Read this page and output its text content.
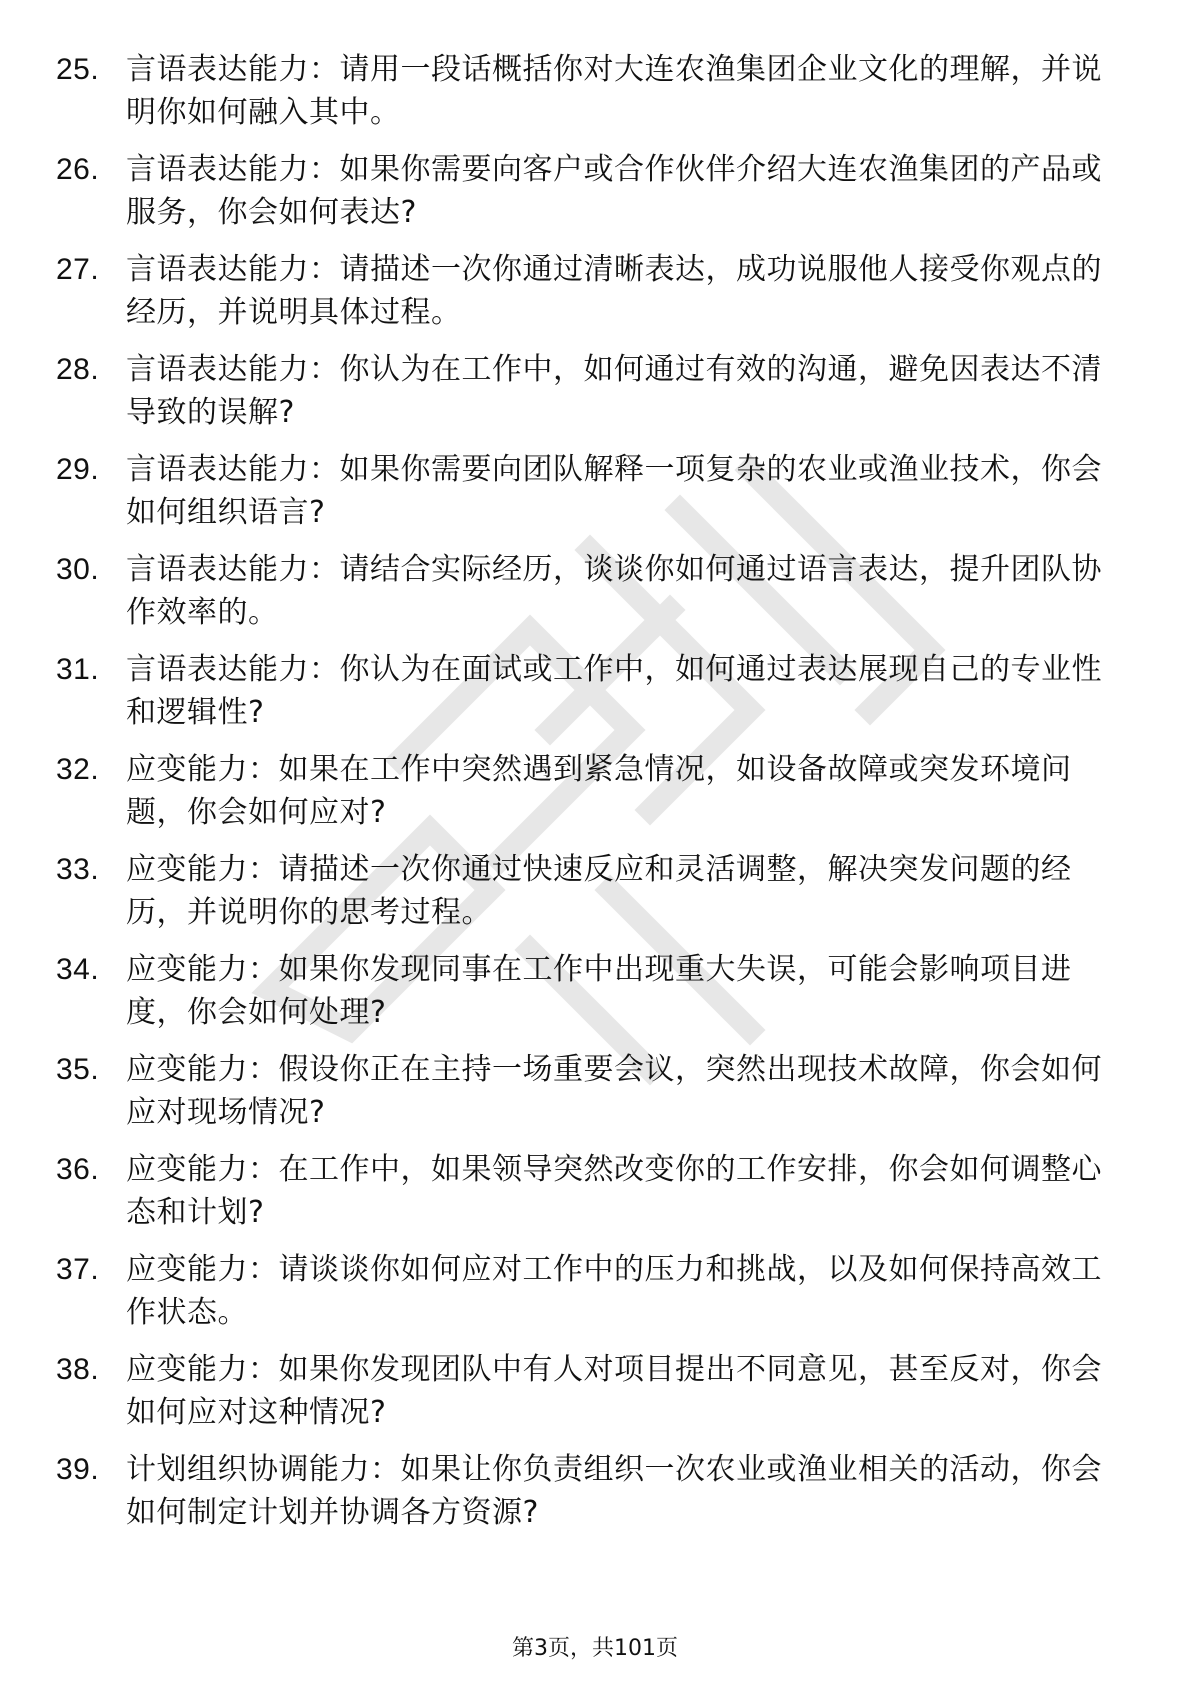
25. 言语表达能力：请用一段话概括你对大连农渔集团企业文化的理解，并说明你如何融入其中。
26. 言语表达能力：如果你需要向客户或合作伙伴介绍大连农渔集团的产品或服务，你会如何表达?
27. 言语表达能力：请描述一次你通过清晰表达，成功说服他人接受你观点的经历，并说明具体过程。
28. 言语表达能力：你认为在工作中，如何通过有效的沟通，避免因表达不清导致的误解?
29. 言语表达能力：如果你需要向团队解释一项复杂的农业或渔业技术，你会如何组织语言?
30. 言语表达能力：请结合实际经历，谈谈你如何通过语言表达，提升团队协作效率的。
31. 言语表达能力：你认为在面试或工作中，如何通过表达展现自己的专业性和逻辑性?
32. 应变能力：如果在工作中突然遇到紧急情况，如设备故障或突发环境问题，你会如何应对?
33. 应变能力：请描述一次你通过快速反应和灵活调整，解决突发问题的经历，并说明你的思考过程。
34. 应变能力：如果你发现同事在工作中出现重大失误，可能会影响项目进度，你会如何处理?
35. 应变能力：假设你正在主持一场重要会议，突然出现技术故障，你会如何应对现场情况?
36. 应变能力：在工作中，如果领导突然改变你的工作安排，你会如何调整心态和计划?
37. 应变能力：请谈谈你如何应对工作中的压力和挑战，以及如何保持高效工作状态。
38. 应变能力：如果你发现团队中有人对项目提出不同意见，甚至反对，你会如何应对这种情况?
39. 计划组织协调能力：如果让你负责组织一次农业或渔业相关的活动，你会如何制定计划并协调各方资源?
第3页，共101页
